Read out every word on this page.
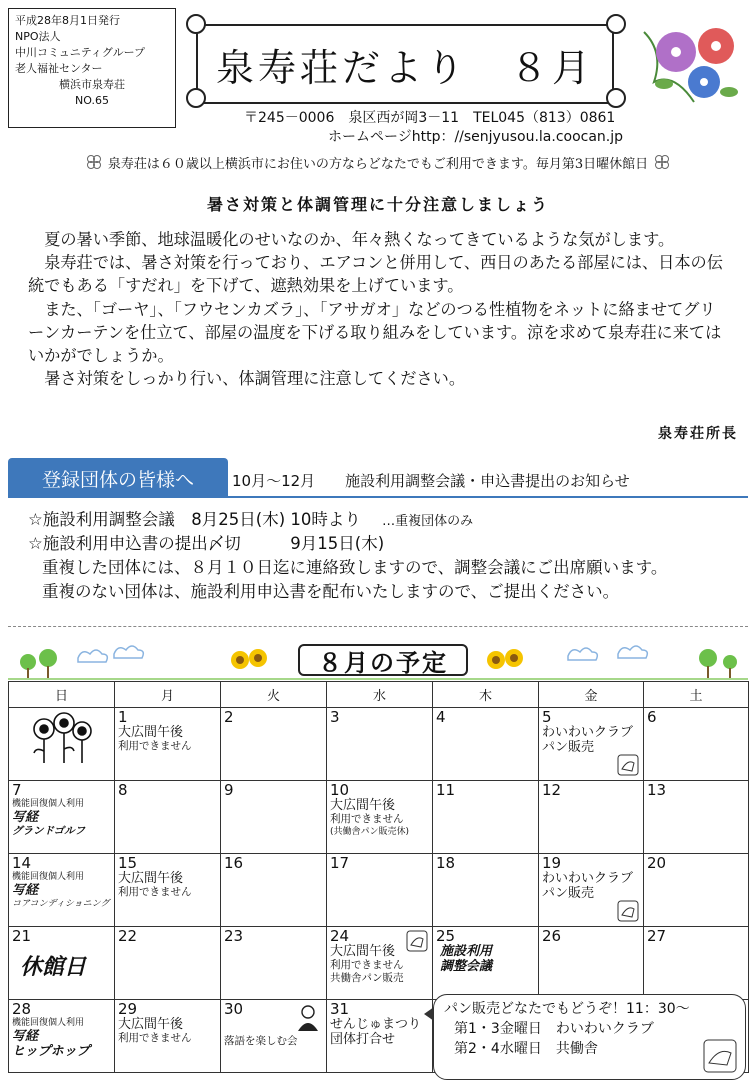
平成28年8月1日発行
NPO法人
中川コミュニティグループ
老人福祉センター
横浜市泉寿荘
NO.65
泉寿荘だより　８月
〒245－0006　泉区西が岡3－11　TEL045（813）0861
ホームページhttp：//senjyusou.la.coocan.jp
泉寿荘は６０歳以上横浜市にお住いの方ならどなたでもご利用できます。毎月第3日曜休館日
暑さ対策と体調管理に十分注意しましょう

夏の暑い季節、地球温暖化のせいなのか、年々熱くなってきているような気がします。

泉寿荘では、暑さ対策を行っており、エアコンと併用して、西日のあたる部屋には、日本の伝統でもある「すだれ」を下げて、遮熱効果を上げています。

また、「ゴーヤ」、「フウセンカズラ」、「アサガオ」などのつる性植物をネットに絡ませてグリーンカーテンを仕立て、部屋の温度を下げる取り組みをしています。涼を求めて泉寿荘に来てはいかがでしょうか。

暑さ対策をしっかり行い、体調管理に注意してください。

泉寿荘所長
登録団体の皆様へ	10月～12月　　施設利用調整会議・申込書提出のお知らせ
☆施設利用調整会議　8月25日(木) 10時より …重複団体のみ
☆施設利用申込書の提出〆切　　　9月15日(木)
重複した団体には、８月１０日迄に連絡致しますので、調整会議にご出席願います。
重複のない団体は、施設利用申込書を配布いたしますので、ご提出ください。
８月の予定
日	月	火	水	木	金	土

1
大広間午後
利用できません	2	3	4	5
わいわいクラブ
パン販売	6

7
機能回復個人利用
写経
グランドゴルフ	8	9	10
大広間午後
利用できません
(共働舎パン販売休)	11	12	13

14
機能回復個人利用
写経
コアコンディショニング	15
大広間午後
利用できません	16	17	18	19
わいわいクラブ
パン販売	20

21
休館日	22	23	24
大広間午後
利用できません
共働舎パン販売	25
施設利用
調整会議	26	27

28
機能回復個人利用
写経
ヒップホップ	29
大広間午後
利用できません	30
落語を楽しむ会	31
せんじゅまつり
団体打合せ			

パン販売どなたでもどうぞ！11：30～
第1・3金曜日　わいわいクラブ
第2・4水曜日　共働舎
